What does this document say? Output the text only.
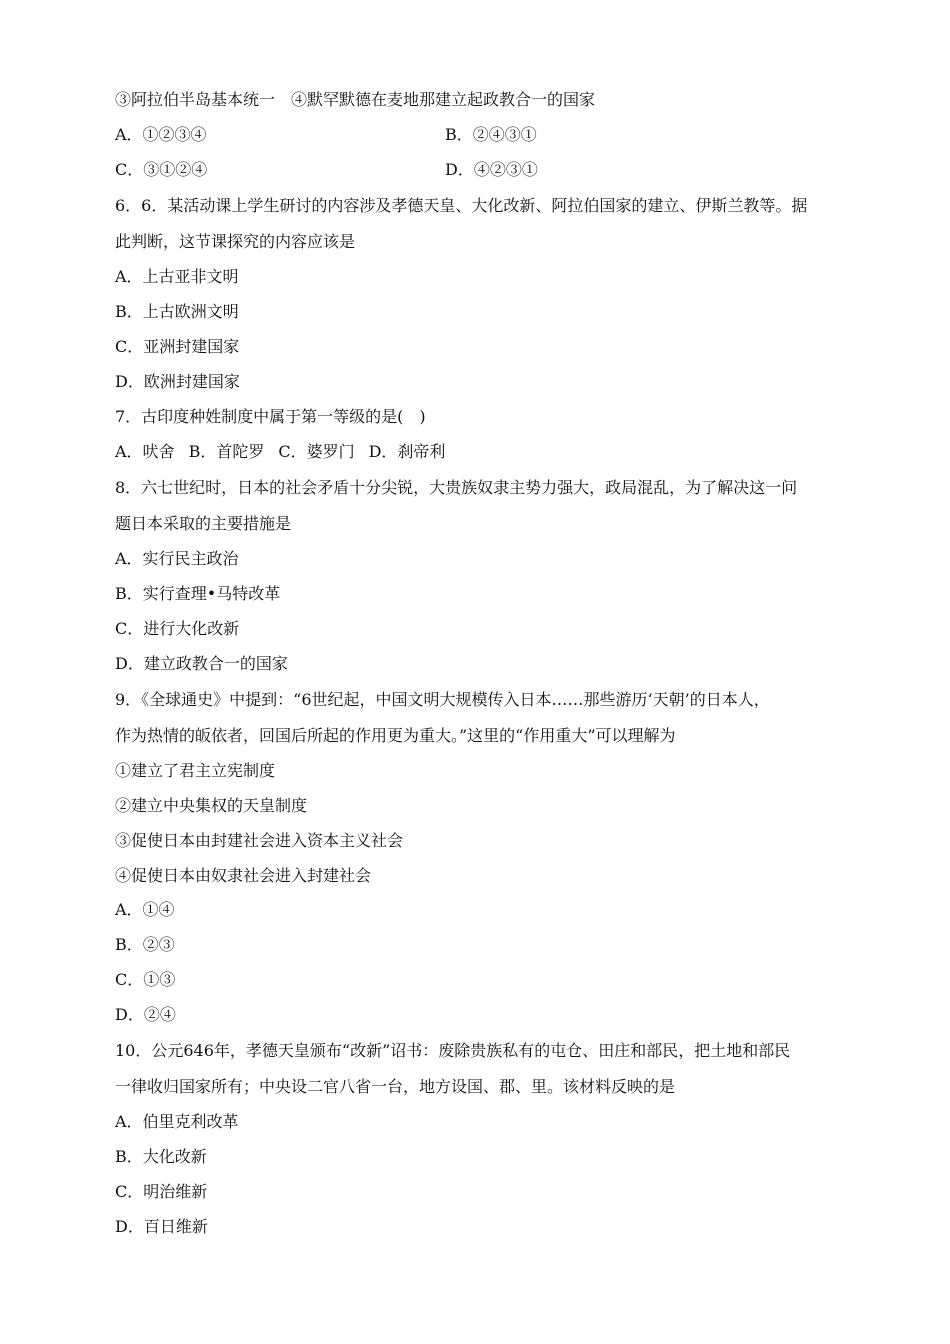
③阿拉伯半岛基本统一　④默罕默德在麦地那建立起政教合一的国家
A．①②③④	B．②④③①
C．③①②④	D．④②③①
6．6．某活动课上学生研讨的内容涉及孝德天皇、大化改新、阿拉伯国家的建立、伊斯兰教等。据
此判断，这节课探究的内容应该是
A．上古亚非文明
B．上古欧洲文明
C．亚洲封建国家
D．欧洲封建国家
7．古印度种姓制度中属于第一等级的是(　)
A．吠舍 B．首陀罗 C．婆罗门 D．刹帝利
8．六七世纪时，日本的社会矛盾十分尖锐，大贵族奴隶主势力强大，政局混乱，为了解决这一问
题日本采取的主要措施是
A．实行民主政治
B．实行查理•马特改革
C．进行大化改新
D．建立政教合一的国家
9．《全球通史》中提到：“6世纪起，中国文明大规模传入日本……那些游历‘天朝’的日本人，
作为热情的皈依者，回国后所起的作用更为重大。”这里的“作用重大”可以理解为
①建立了君主立宪制度
②建立中央集权的天皇制度
③促使日本由封建社会进入资本主义社会
④促使日本由奴隶社会进入封建社会
A．①④
B．②③
C．①③
D．②④
10．公元646年，孝德天皇颁布“改新”诏书：废除贵族私有的屯仓、田庄和部民，把土地和部民
一律收归国家所有；中央设二官八省一台，地方设国、郡、里。该材料反映的是
A．伯里克利改革
B．大化改新
C．明治维新
D．百日维新
